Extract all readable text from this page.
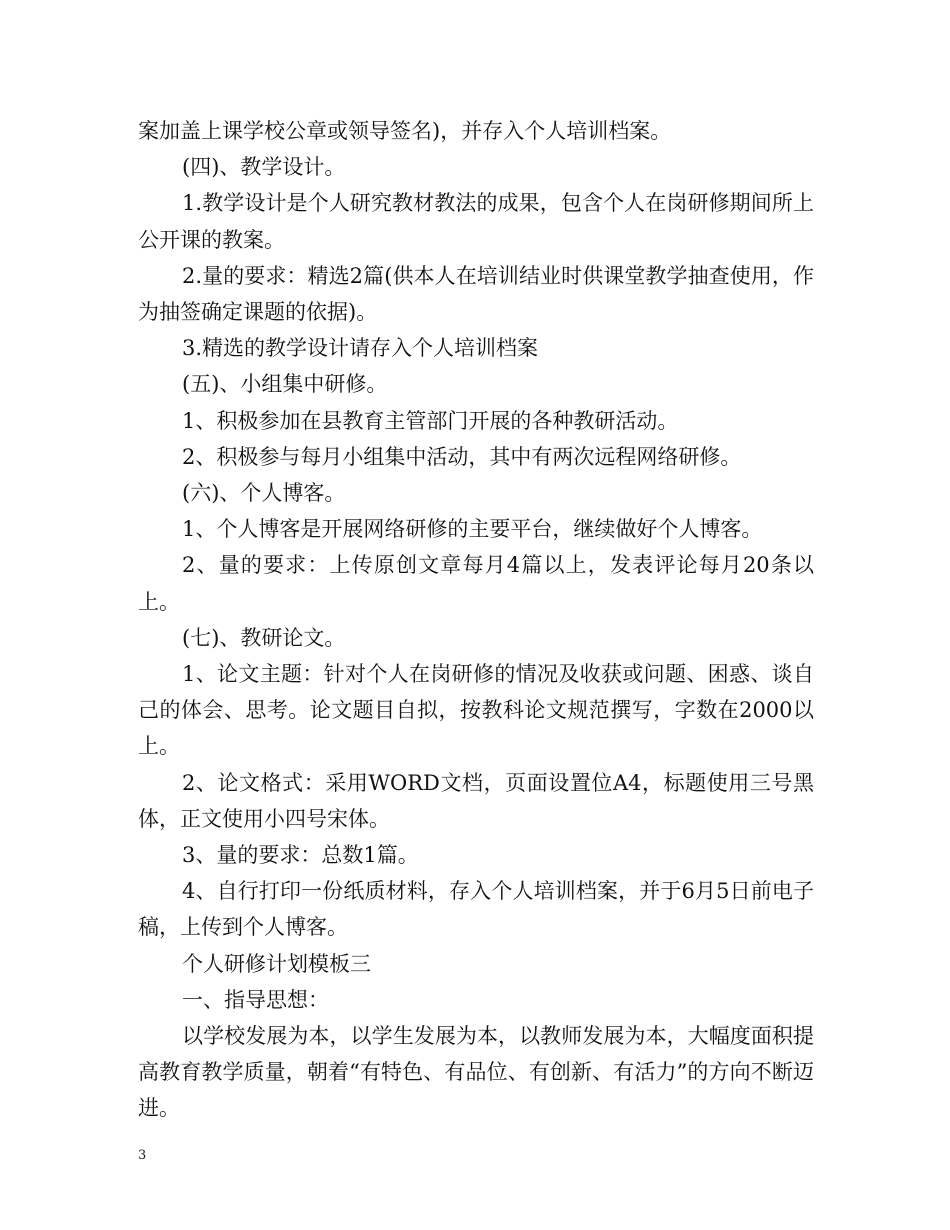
案加盖上课学校公章或领导签名)，并存入个人培训档案。

(四)、教学设计。

1.教学设计是个人研究教材教法的成果，包含个人在岗研修期间所上公开课的教案。

2.量的要求：精选2篇(供本人在培训结业时供课堂教学抽查使用，作为抽签确定课题的依据)。

3.精选的教学设计请存入个人培训档案

(五)、小组集中研修。

1、积极参加在县教育主管部门开展的各种教研活动。

2、积极参与每月小组集中活动，其中有两次远程网络研修。

(六)、个人博客。

1、个人博客是开展网络研修的主要平台，继续做好个人博客。

2、量的要求：上传原创文章每月4篇以上，发表评论每月20条以上。

(七)、教研论文。

1、论文主题：针对个人在岗研修的情况及收获或问题、困惑、谈自己的体会、思考。论文题目自拟，按教科论文规范撰写，字数在2000以上。

2、论文格式：采用WORD文档，页面设置位A4，标题使用三号黑体，正文使用小四号宋体。

3、量的要求：总数1篇。

4、自行打印一份纸质材料，存入个人培训档案，并于6月5日前电子稿，上传到个人博客。

个人研修计划模板三

一、指导思想：

以学校发展为本，以学生发展为本，以教师发展为本，大幅度面积提高教育教学质量，朝着“有特色、有品位、有创新、有活力”的方向不断迈进。

3
